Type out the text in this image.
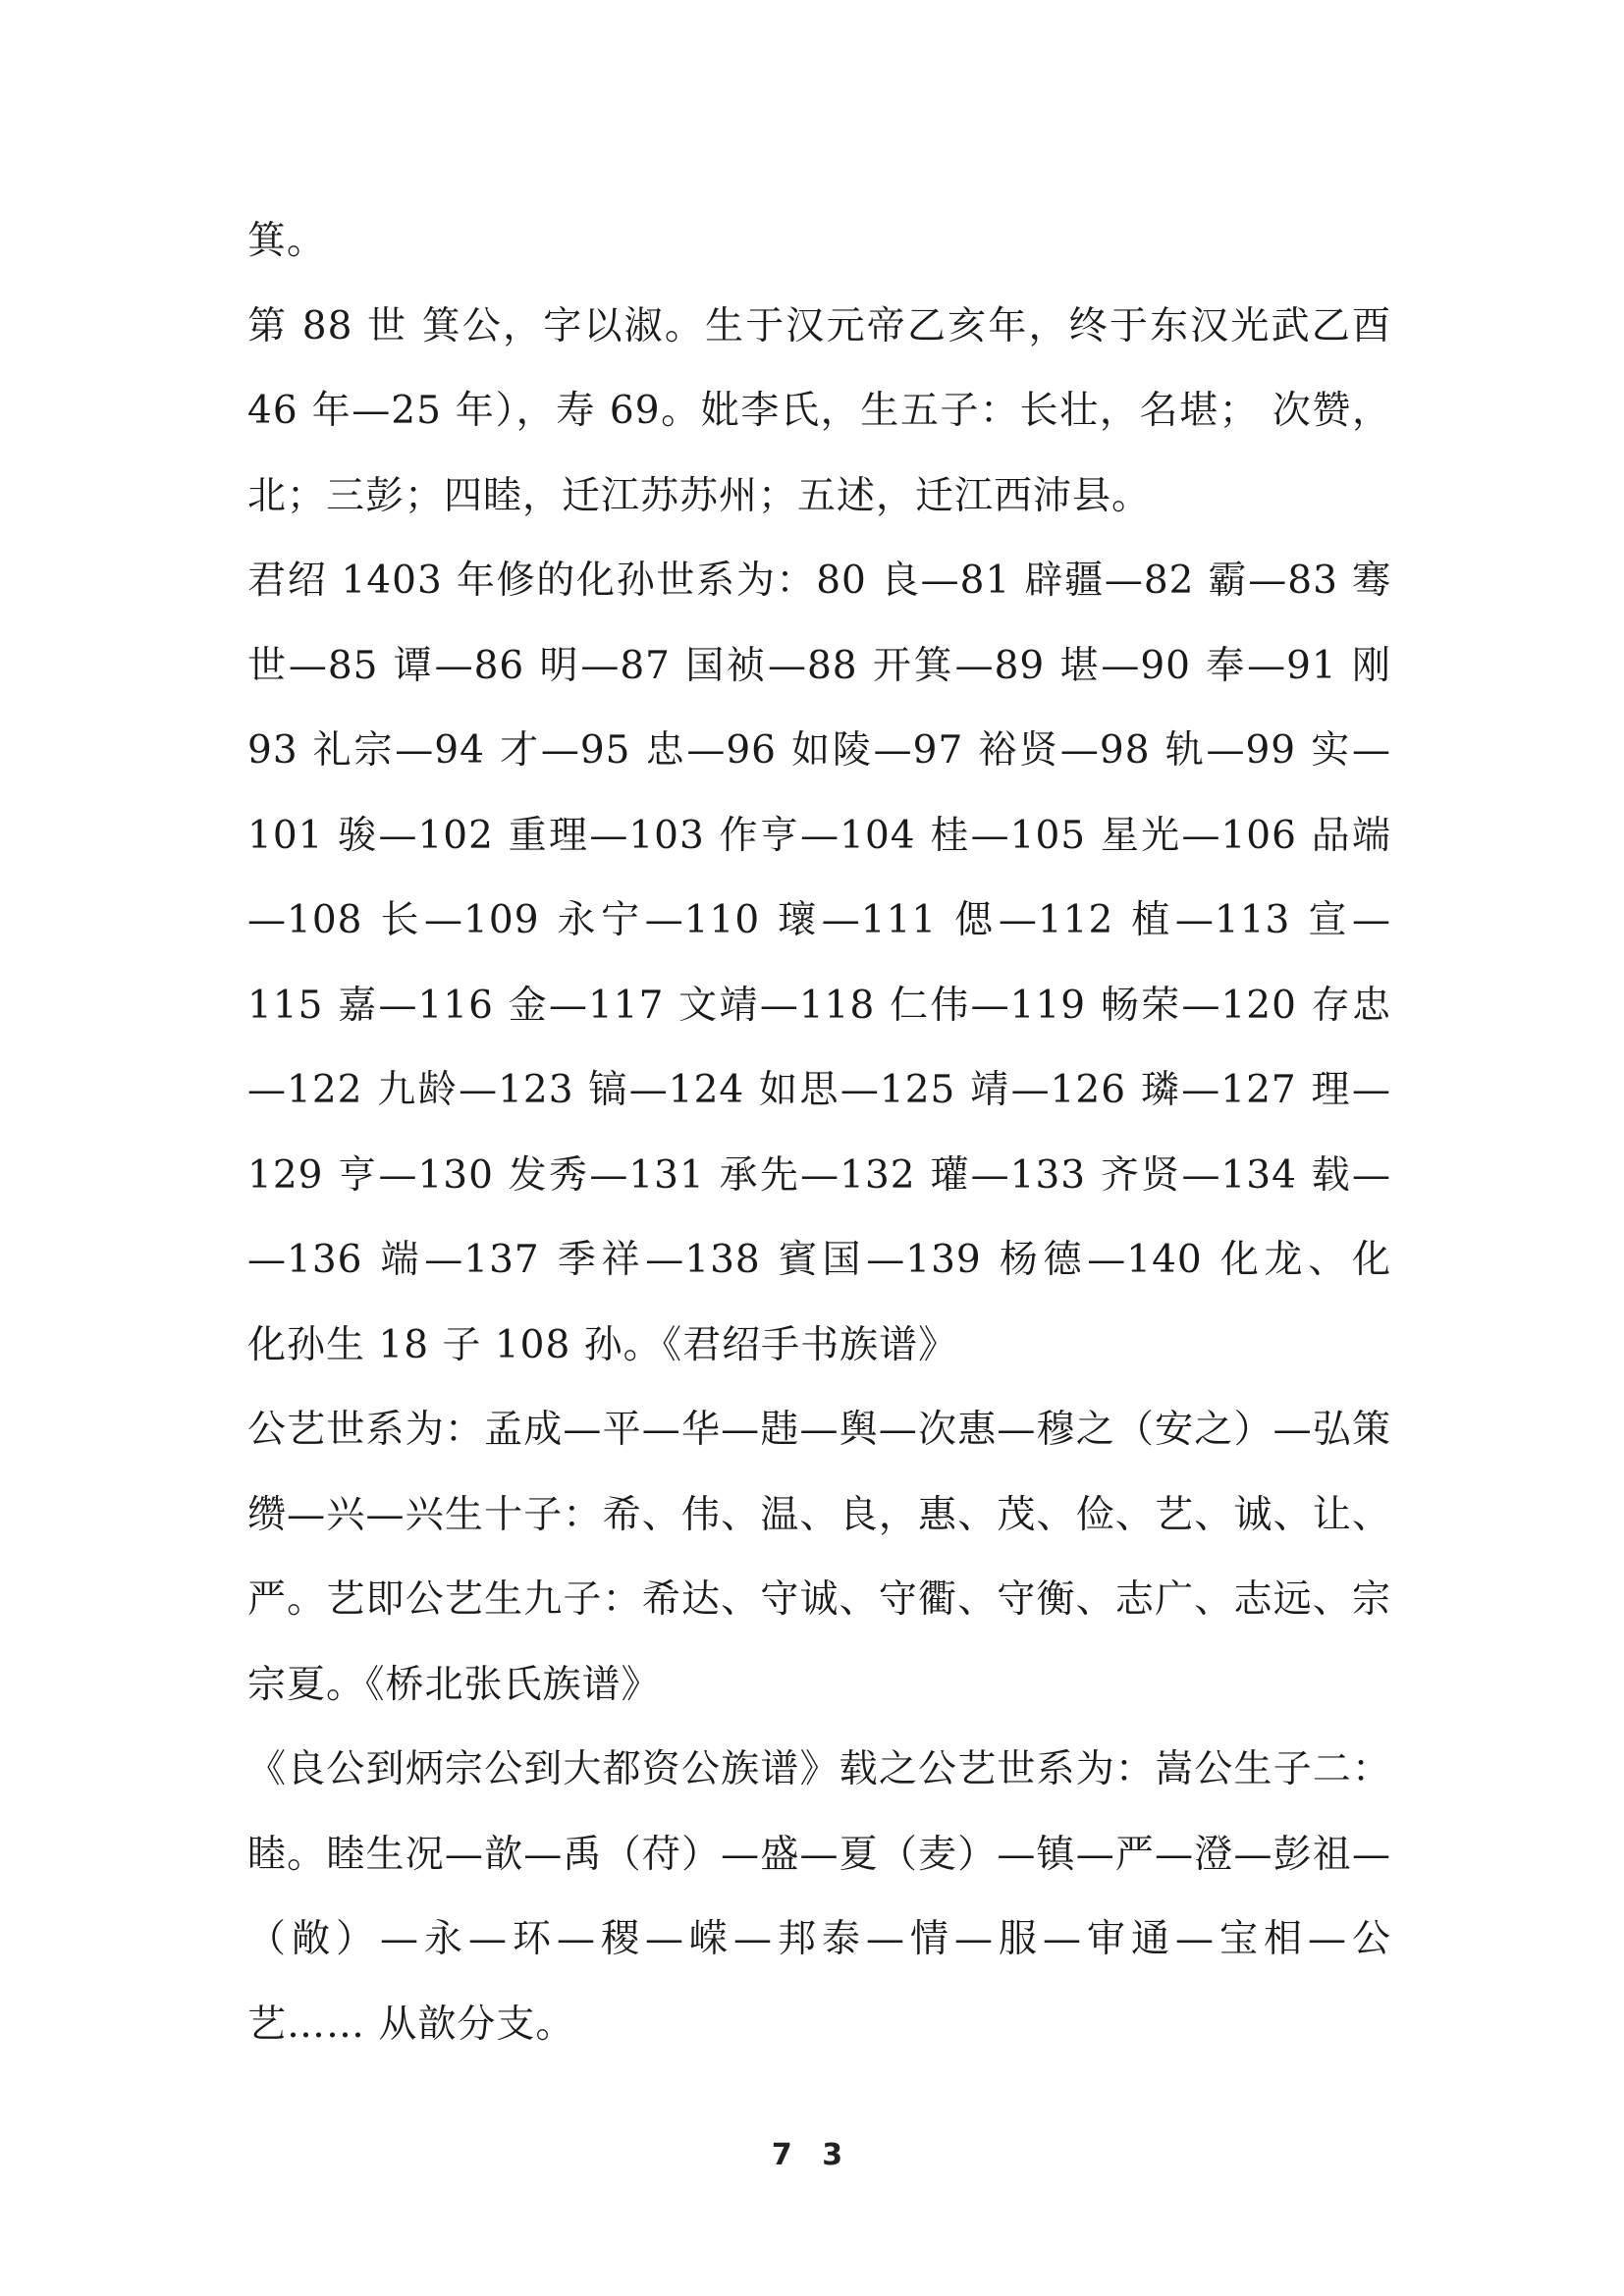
箕。
第 88 世 箕公，字以淑。生于汉元帝乙亥年，终于东汉光武乙酉
46 年—25 年），寿 69。妣李氏，生五子：长壮，名堪； 次赞，
北；三彭；四睦，迁江苏苏州；五述，迁江西沛县。
君绍 1403 年修的化孙世系为：80 良—81 辟疆—82 霸—83 骞
世—85 谭—86 明—87 国祯—88 开箕—89 堪—90 奉—91 刚
93 礼宗—94 才—95 忠—96 如陵—97 裕贤—98 轨—99 实—
101 骏—102 重理—103 作亨—104 桂—105 星光—106 品端
—108 长—109 永宁—110 瓌—111 偲—112 植—113 宣—
115 嘉—116 金—117 文靖—118 仁伟—119 畅荣—120 存忠
—122 九龄—123 镐—124 如思—125 靖—126 璘—127 理—
129 亨—130 发秀—131 承先—132 瓘—133 齐贤—134 载—
—136 端—137 季祥—138 賓国—139 杨德—140 化龙、化
化孙生 18 子 108 孙。《君绍手书族谱》
公艺世系为：孟成—平—华—韪—舆—次惠—穆之（安之）—弘策
缵—兴—兴生十子：希、伟、温、良，惠、茂、俭、艺、诚、让、
严。艺即公艺生九子：希达、守诚、守衢、守衡、志广、志远、宗
宗夏。《桥北张氏族谱》
《良公到炳宗公到大都资公族谱》载之公艺世系为：嵩公生子二：
睦。睦生况—歆—禹（苻）—盛—夏（麦）—镇—严—澄—彭祖—
（敞）—永—环—稷—嵘—邦泰—情—服—审通—宝相—公
艺…… 从歆分支。
7 3
